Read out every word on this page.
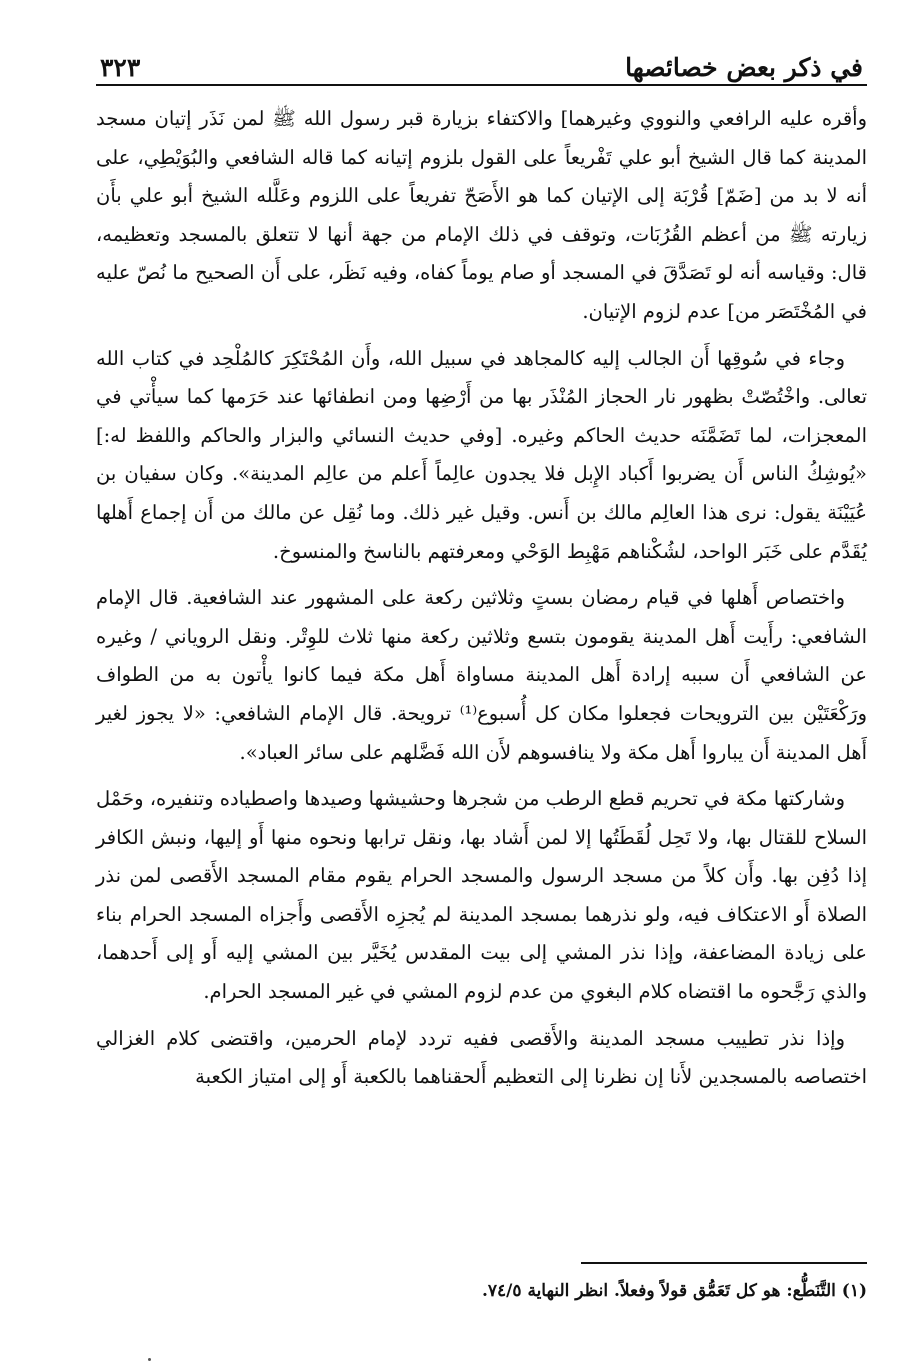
في ذكر بعض خصائصها
٣٢٣

وأقره عليه الرافعي والنووي وغيرهما] والاكتفاء بزيارة قبر رسول الله ﷺ لمن نَذَر إتيان مسجد المدينة كما قال الشيخ أبو علي تَفْريعاً على القول بلزوم إتيانه كما قاله الشافعي والبُوَيْطِي، على أنه لا بد من [ضَمّ] قُرْبَة إلى الإتيان كما هو الأَصَحّ تفريعاً على اللزوم وعَلَّله الشيخ أبو علي بأَن زيارته ﷺ من أعظم القُرُبَات، وتوقف في ذلك الإمام من جهة أنها لا تتعلق بالمسجد وتعظيمه، قال: وقياسه أنه لو تَصَدَّقَ في المسجد أو صام يوماً كفاه، وفيه نَظَر، على أَن الصحيح ما نُصّ عليه في المُخْتَصَر من] عدم لزوم الإتيان.

وجاء في سُوقِها أَن الجالب إليه كالمجاهد في سبيل الله، وأَن المُحْتَكِرَ كالمُلْحِد في كتاب الله تعالى. واخْتُصّتْ بظهور نار الحجاز المُنْذَر بها من أَرْضِها ومن انطفائها عند حَرَمها كما سيأْتي في المعجزات، لما تَضَمَّنَه حديث الحاكم وغيره. [وفي حديث النسائي والبزار والحاكم واللفظ له:] «يُوشِكُ الناس أَن يضربوا أَكباد الإِبل فلا يجدون عالِماً أَعلم من عالِم المدينة». وكان سفيان بن عُيَيْنَة يقول: نرى هذا العالِم مالك بن أَنس. وقيل غير ذلك. وما نُقِل عن مالك من أَن إجماع أَهلها يُقَدَّم على خَبَر الواحد، لشُكْناهم مَهْبِط الوَحْي ومعرفتهم بالناسخ والمنسوخ.

واختصاص أَهلها في قيام رمضان بستٍ وثلاثين ركعة على المشهور عند الشافعية. قال الإمام الشافعي: رأَيت أَهل المدينة يقومون بتسع وثلاثين ركعة منها ثلاث للوِتْر. ونقل الروياني / وغيره عن الشافعي أَن سببه إرادة أَهل المدينة مساواة أَهل مكة فيما كانوا يأْتون به من الطواف ورَكْعَتَيْن بين الترويحات فجعلوا مكان كل أُسبوع⁽¹⁾ ترويحة. قال الإمام الشافعي: «لا يجوز لغير أَهل المدينة أَن يباروا أَهل مكة ولا ينافسوهم لأَن الله فَضَّلهم على سائر العباد».

وشاركتها مكة في تحريم قطع الرطب من شجرها وحشيشها وصيدها واصطياده وتنفيره، وحَمْل السلاح للقتال بها، ولا تَحِل لُقَطَتُها إلا لمن أَشاد بها، ونقل ترابها ونحوه منها أَو إليها، ونبش الكافر إذا دُفِن بها. وأَن كلاً من مسجد الرسول والمسجد الحرام يقوم مقام المسجد الأَقصى لمن نذر الصلاة أَو الاعتكاف فيه، ولو نذرهما بمسجد المدينة لم يُجزِه الأَقصى وأَجزاه المسجد الحرام بناء على زيادة المضاعفة، وإذا نذر المشي إلى بيت المقدس يُخَيَّر بين المشي إليه أَو إلى أَحدهما، والذي رَجَّحوه ما اقتضاه كلام البغوي من عدم لزوم المشي في غير المسجد الحرام.

وإذا نذر تطييب مسجد المدينة والأَقصى ففيه تردد لإمام الحرمين، واقتضى كلام الغزالي اختصاصه بالمسجدين لأَنا إن نظرنا إلى التعظيم أَلحقناهما بالكعبة أَو إلى امتياز الكعبة

(١) التَّنَطُّع: هو كل تَعَمُّق قولاً وفعلاً. انظر النهاية ٧٤/٥.
